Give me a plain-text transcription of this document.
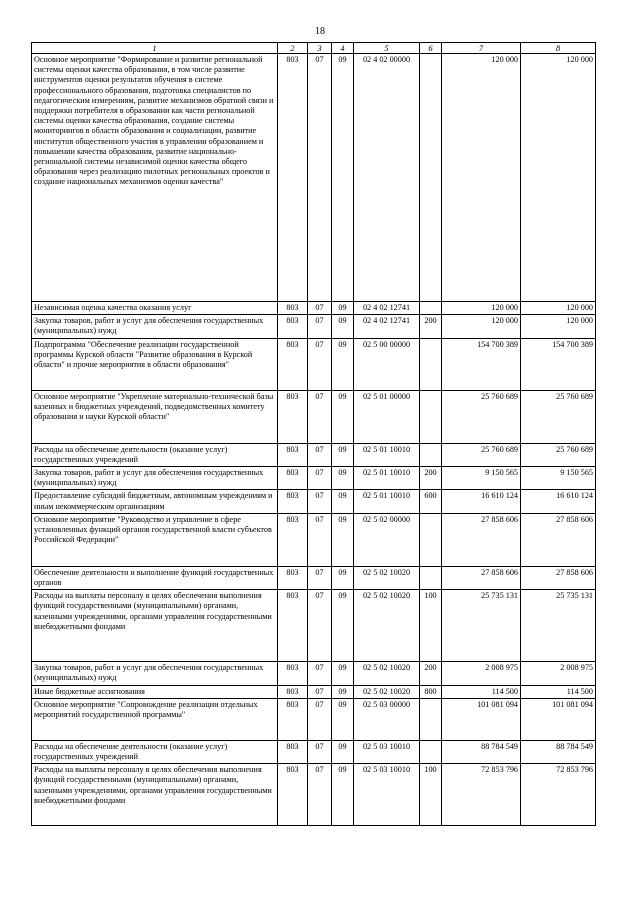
18
1	2	3	4	5	6	7	8
Основное мероприятие "Формирование и развитие региональной системы оценки качества образования, в том числе развитие инструментов оценки результатов обучения в системе профессионального образования, подготовка специалистов по педагогическим измерениям, развитие механизмов обратной связи и поддержки потребителя в образовании как части региональной системы оценки качества образования, создание системы мониторингов в области образования и социализации, развитие институтов общественного участия в управлении образованием и повышении качества образования, развитие национально-региональной системы независимой оценки качества общего образования через реализацию пилотных региональных проектов и создание национальных механизмов оценки качества"	803	07	09	02 4 02 00000		120 000	120 000
Независимая оценка качества оказания услуг	803	07	09	02 4 02 12741		120 000	120 000
Закупка товаров, работ и услуг для обеспечения государственных (муниципальных) нужд	803	07	09	02 4 02 12741	200	120 000	120 000
Подпрограмма "Обеспечение реализации государственной программы Курской области "Развитие образования в Курской области" и прочие мероприятия в области образования"	803	07	09	02 5 00 00000		154 700 389	154 700 389
Основное мероприятие "Укрепление материально-технической базы казенных и бюджетных учреждений, подведомственных комитету образования и науки Курской области"	803	07	09	02 5 01 00000		25 760 689	25 760 689
Расходы на обеспечение деятельности (оказание услуг) государственных учреждений	803	07	09	02 5 01 10010		25 760 689	25 760 689
Закупка товаров, работ и услуг для обеспечения государственных (муниципальных) нужд	803	07	09	02 5 01 10010	200	9 150 565	9 150 565
Предоставление субсидий бюджетным, автономным учреждениям и иным некоммерческим организациям	803	07	09	02 5 01 10010	600	16 610 124	16 610 124
Основное мероприятие "Руководство и управление в сфере установленных функций органов государственной власти субъектов Российской Федерации"	803	07	09	02 5 02 00000		27 858 606	27 858 606
Обеспечение деятельности и выполнение функций государственных органов	803	07	09	02 5 02 10020		27 858 606	27 858 606
Расходы на выплаты персоналу в целях обеспечения выполнения функций государственными (муниципальными) органами, казенными учреждениями, органами управления государственными внебюджетными фондами	803	07	09	02 5 02 10020	100	25 735 131	25 735 131
Закупка товаров, работ и услуг для обеспечения государственных (муниципальных) нужд	803	07	09	02 5 02 10020	200	2 008 975	2 008 975
Иные бюджетные ассигнования	803	07	09	02 5 02 10020	800	114 500	114 500
Основное мероприятие "Сопровождение реализации отдельных мероприятий государственной программы"	803	07	09	02 5 03 00000		101 081 094	101 081 094
Расходы на обеспечение деятельности (оказание услуг) государственных учреждений	803	07	09	02 5 03 10010		88 784 549	88 784 549
Расходы на выплаты персоналу в целях обеспечения выполнения функций государственными (муниципальными) органами, казенными учреждениями, органами управления государственными внебюджетными фондами	803	07	09	02 5 03 10010	100	72 853 796	72 853 796
